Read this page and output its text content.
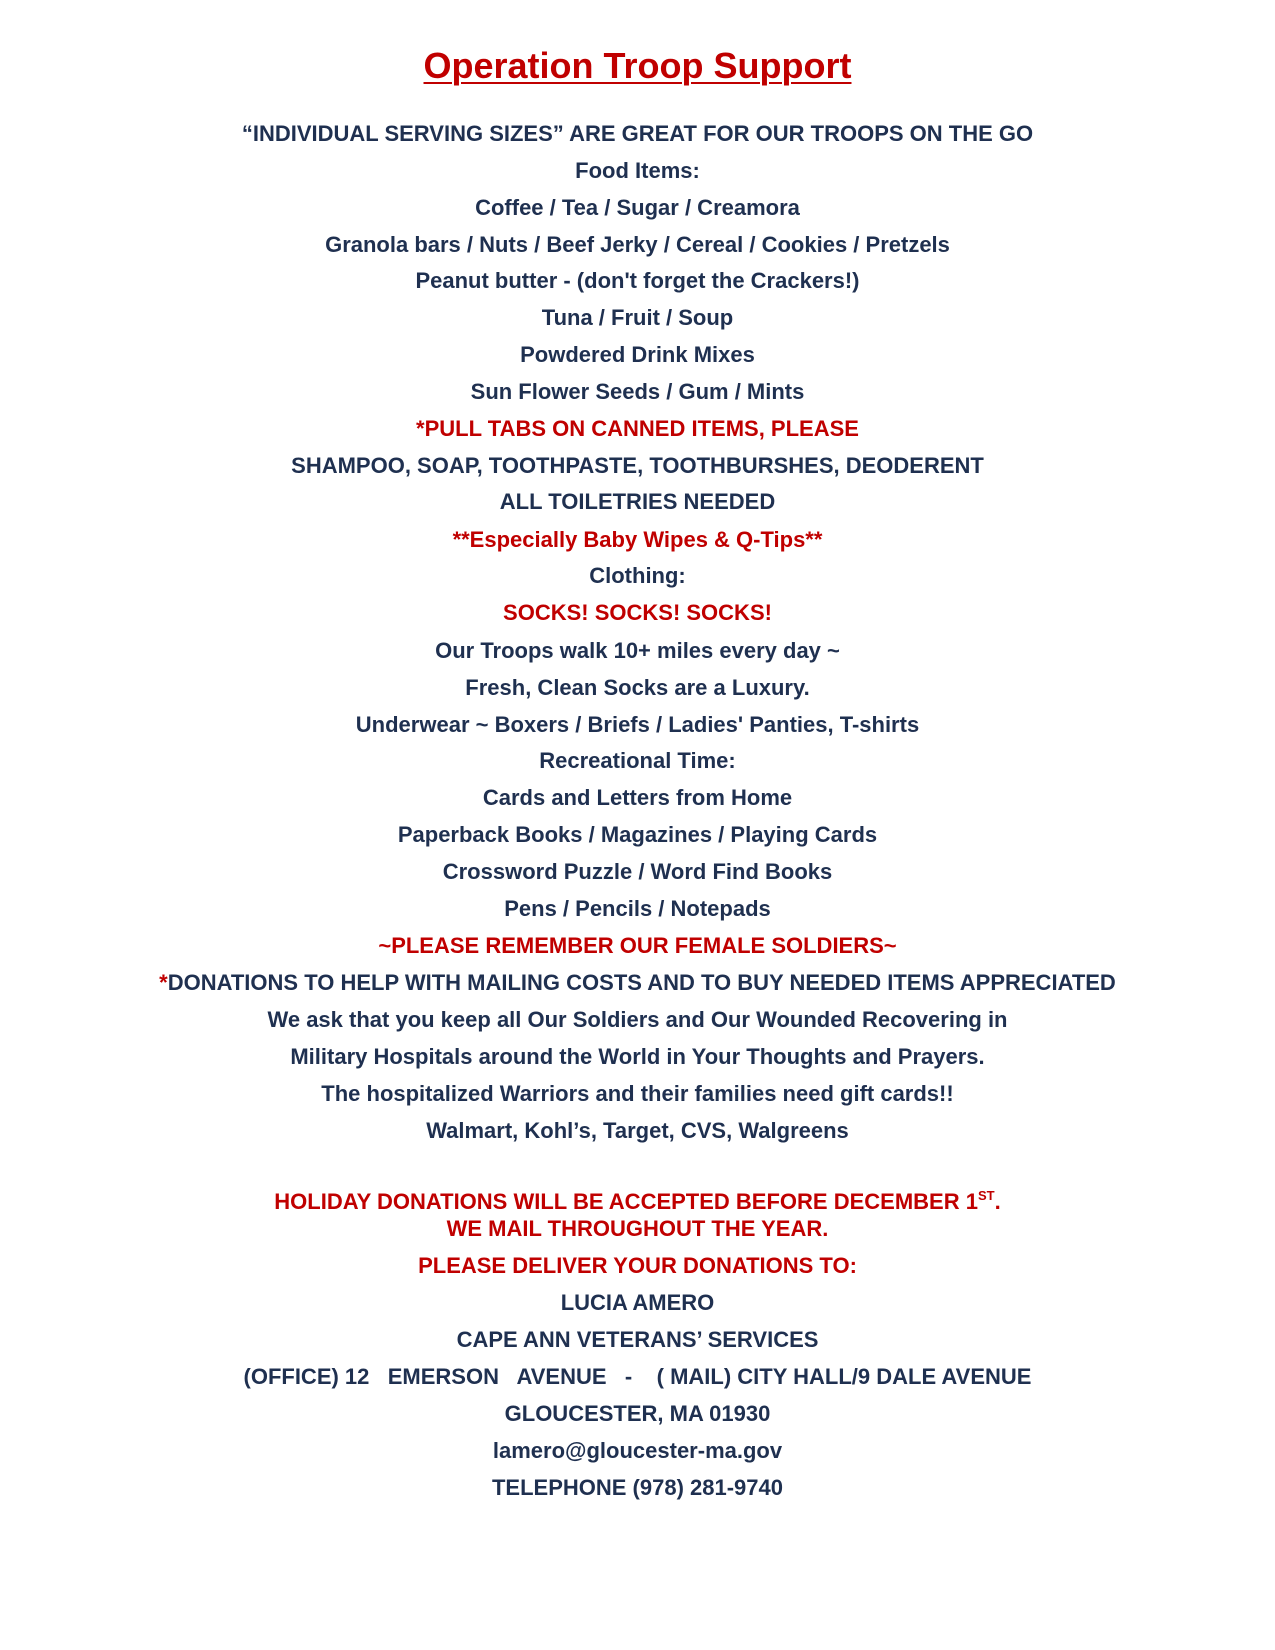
Operation Troop Support
“INDIVIDUAL SERVING SIZES” ARE GREAT FOR OUR TROOPS ON THE GO
Food Items:
Coffee / Tea / Sugar / Creamora
Granola bars / Nuts / Beef Jerky / Cereal / Cookies / Pretzels
Peanut butter - (don't forget the Crackers!)
Tuna / Fruit / Soup
Powdered Drink Mixes
Sun Flower Seeds / Gum / Mints
*PULL TABS ON CANNED ITEMS, PLEASE
SHAMPOO, SOAP, TOOTHPASTE, TOOTHBURSHES, DEODERENT
ALL TOILETRIES NEEDED
**Especially Baby Wipes & Q-Tips**
Clothing:
SOCKS! SOCKS! SOCKS!
Our Troops walk 10+ miles every day ~
Fresh, Clean Socks are a Luxury.
Underwear ~ Boxers / Briefs / Ladies' Panties, T-shirts
Recreational Time:
Cards and Letters from Home
Paperback Books / Magazines / Playing Cards
Crossword Puzzle / Word Find Books
Pens / Pencils / Notepads
~PLEASE REMEMBER OUR FEMALE SOLDIERS~
*DONATIONS TO HELP WITH MAILING COSTS AND TO BUY NEEDED ITEMS APPRECIATED
We ask that you keep all Our Soldiers and Our Wounded Recovering in
Military Hospitals around the World in Your Thoughts and Prayers.
The hospitalized Warriors and their families need gift cards!!
Walmart, Kohl’s, Target, CVS, Walgreens
HOLIDAY DONATIONS WILL BE ACCEPTED BEFORE DECEMBER 1ST.
WE MAIL THROUGHOUT THE YEAR.
PLEASE DELIVER YOUR DONATIONS TO:
LUCIA AMERO
CAPE ANN VETERANS’ SERVICES
(OFFICE) 12   EMERSON   AVENUE   -    ( MAIL) CITY HALL/9 DALE AVENUE
GLOUCESTER, MA 01930
lamero@gloucester-ma.gov
TELEPHONE (978) 281-9740
